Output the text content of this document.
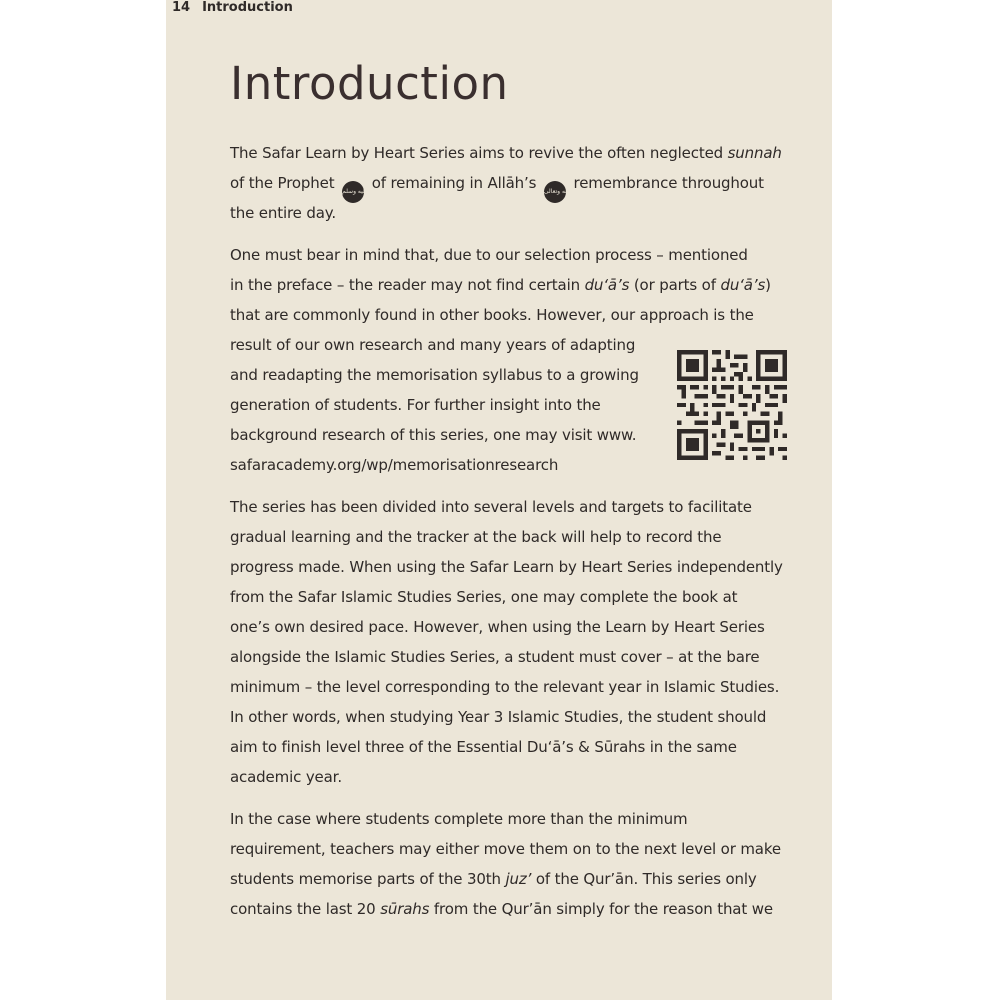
14 Introduction
Introduction
The Safar Learn by Heart Series aims to revive the often neglected sunnah
of the Prophet صلى الله عليه وسلم of remaining in Allāh’s سبحانه وتعالى remembrance throughout
the entire day.
One must bear in mind that, due to our selection process – mentioned
in the preface – the reader may not find certain du‘ā’s (or parts of du‘ā’s)
that are commonly found in other books. However, our approach is the
result of our own research and many years of adapting
and readapting the memorisation syllabus to a growing
generation of students. For further insight into the
background research of this series, one may visit www.
safaracademy.org/wp/memorisationresearch
The series has been divided into several levels and targets to facilitate
gradual learning and the tracker at the back will help to record the
progress made. When using the Safar Learn by Heart Series independently
from the Safar Islamic Studies Series, one may complete the book at
one’s own desired pace. However, when using the Learn by Heart Series
alongside the Islamic Studies Series, a student must cover – at the bare
minimum – the level corresponding to the relevant year in Islamic Studies.
In other words, when studying Year 3 Islamic Studies, the student should
aim to finish level three of the Essential Du‘ā’s & Sūrahs in the same
academic year.
In the case where students complete more than the minimum
requirement, teachers may either move them on to the next level or make
students memorise parts of the 30th juz’ of the Qur’ān. This series only
contains the last 20 sūrahs from the Qur’ān simply for the reason that we
